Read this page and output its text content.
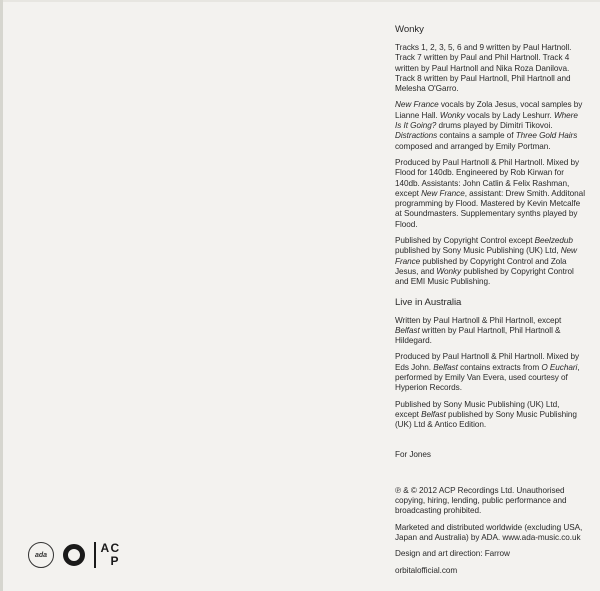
Wonky

Tracks 1, 2, 3, 5, 6 and 9 written by Paul Hartnoll. Track 7 written by Paul and Phil Hartnoll. Track 4 written by Paul Hartnoll and Nika Roza Danilova. Track 8 written by Paul Hartnoll, Phil Hartnoll and Melesha O'Garro.

New France vocals by Zola Jesus, vocal samples by Lianne Hall. Wonky vocals by Lady Leshurr. Where Is It Going? drums played by Dimitri Tikovoi. Distractions contains a sample of Three Gold Hairs composed and arranged by Emily Portman.

Produced by Paul Hartnoll & Phil Hartnoll. Mixed by Flood for 140db. Engineered by Rob Kirwan for 140db. Assistants: John Catlin & Felix Rashman, except New France, assistant: Drew Smith. Additonal programming by Flood. Mastered by Kevin Metcalfe at Soundmasters. Supplementary synths played by Flood.

Published by Copyright Control except Beelzedub published by Sony Music Publishing (UK) Ltd, New France published by Copyright Control and Zola Jesus, and Wonky published by Copyright Control and EMI Music Publishing.

Live in Australia

Written by Paul Hartnoll & Phil Hartnoll, except Belfast written by Paul Hartnoll, Phil Hartnoll & Hildegard.

Produced by Paul Hartnoll & Phil Hartnoll. Mixed by Eds John. Belfast contains extracts from O Euchari, performed by Emily Van Evera, used courtesy of Hyperion Records.

Published by Sony Music Publishing (UK) Ltd, except Belfast published by Sony Music Publishing (UK) Ltd & Antico Edition.

For Jones

℗ & © 2012 ACP Recordings Ltd. Unauthorised copying, hiring, lending, public performance and broadcasting prohibited.

Marketed and distributed worldwide (excluding USA, Japan and Australia) by ADA. www.ada-music.co.uk

Design and art direction: Farrow

orbitalofficial.com

ada	A C
P
